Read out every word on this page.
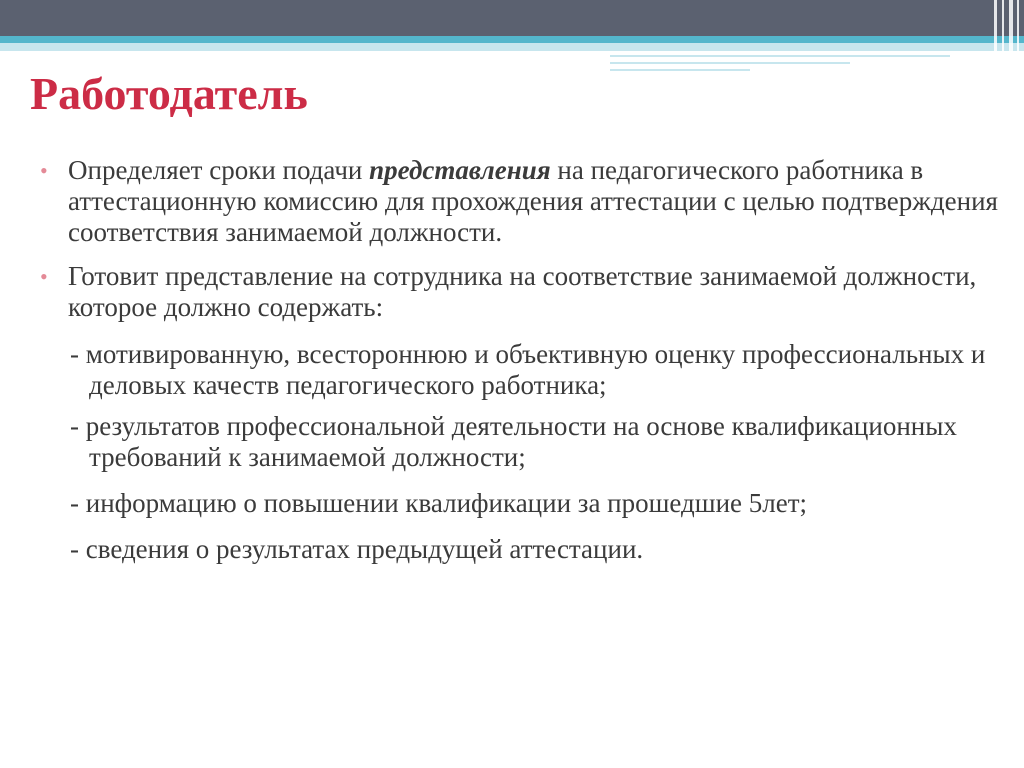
Работодатель

• Определяет сроки подачи представления на педагогического работника в аттестационную комиссию для прохождения аттестации с целью подтверждения соответствия занимаемой должности.

• Готовит представление на сотрудника на соответствие занимаемой должности, которое должно содержать:

- мотивированную, всестороннюю и объективную оценку профессиональных и деловых качеств педагогического работника;

- результатов профессиональной деятельности на основе квалификационных требований к занимаемой должности;

- информацию о повышении квалификации за прошедшие 5лет;

- сведения о результатах предыдущей аттестации.
